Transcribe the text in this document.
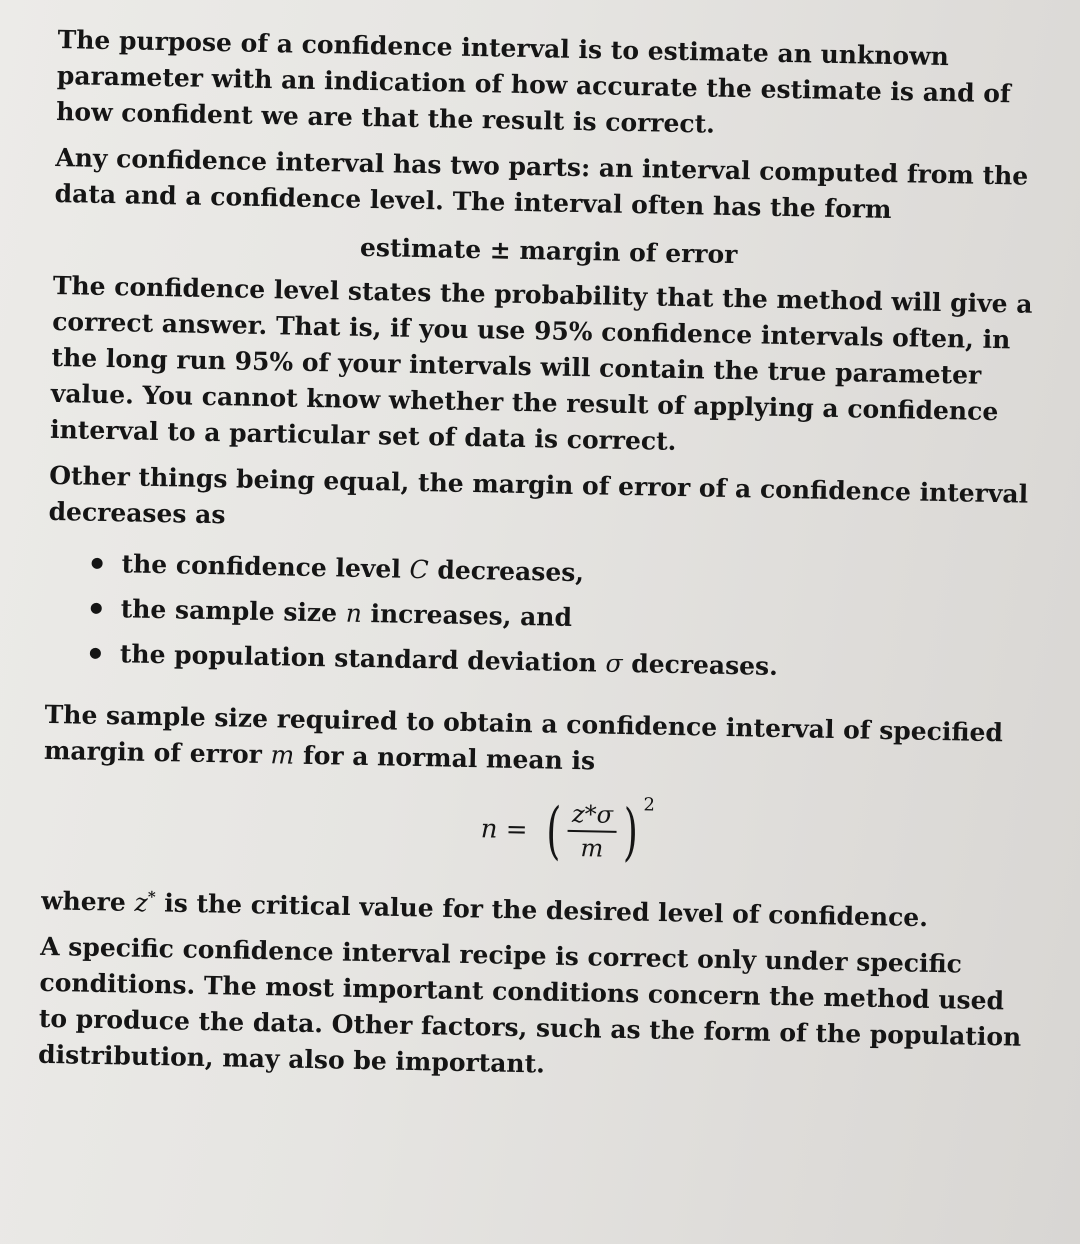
The purpose of a confidence interval is to estimate an unknown parameter with an indication of how accurate the estimate is and of how confident we are that the result is correct.

Any confidence interval has two parts: an interval computed from the data and a confidence level. The interval often has the form

estimate ± margin of error

The confidence level states the probability that the method will give a correct answer. That is, if you use 95% confidence intervals often, in the long run 95% of your intervals will contain the true parameter value. You cannot know whether the result of applying a confidence interval to a particular set of data is correct.

Other things being equal, the margin of error of a confidence interval decreases as

the confidence level C decreases,
the sample size n increases, and
the population standard deviation σ decreases.

The sample size required to obtain a confidence interval of specified margin of error m for a normal mean is

n = ( $\frac{z*\sigma}{m}$ ) 2

where z* is the critical value for the desired level of confidence.

A specific confidence interval recipe is correct only under specific conditions. The most important conditions concern the method used to produce the data. Other factors, such as the form of the population distribution, may also be important.
